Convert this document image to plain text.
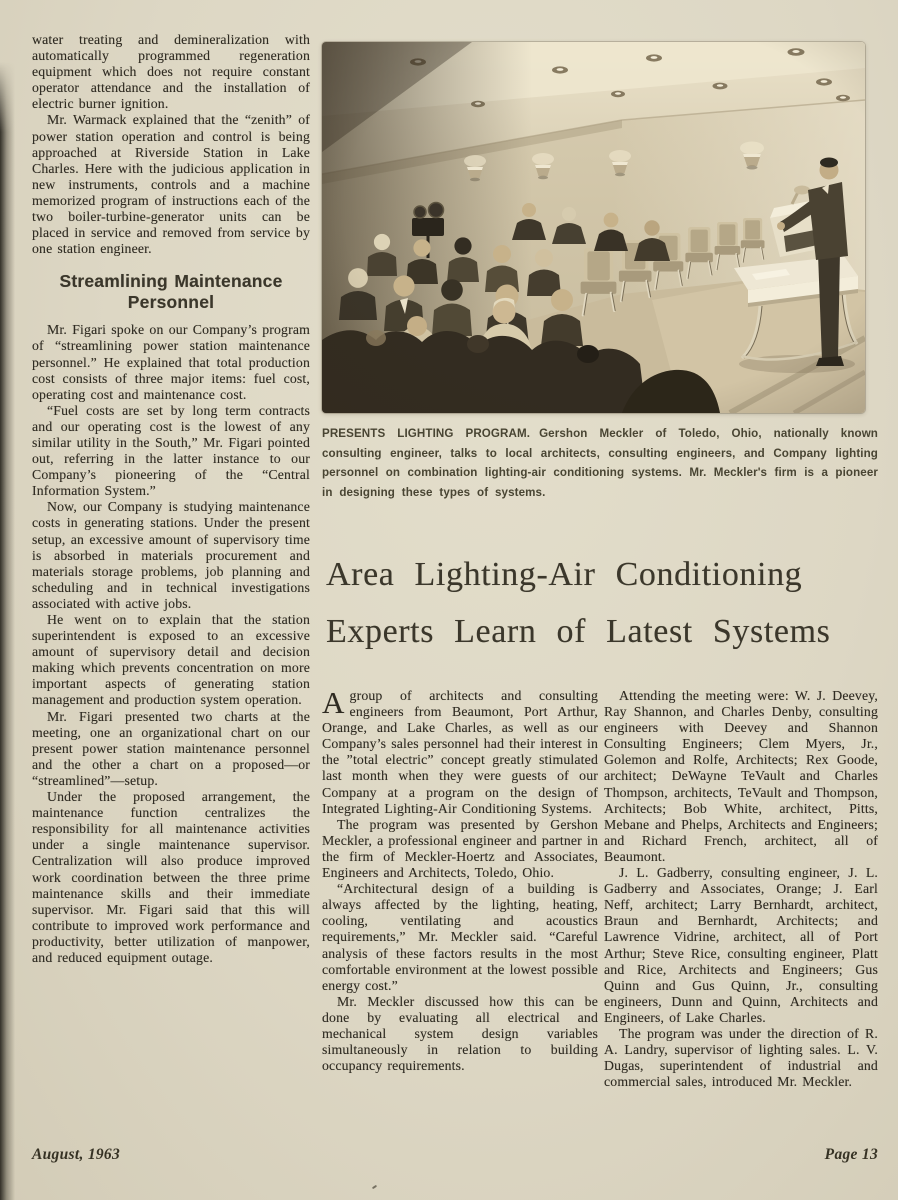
water treating and demineralization with automatically programmed regeneration equipment which does not require constant operator attendance and the installation of electric burner ignition.

Mr. Warmack explained that the “zenith” of power station operation and control is being approached at Riverside Station in Lake Charles. Here with the judicious application in new instruments, controls and a machine memorized program of instructions each of the two boiler-turbine-generator units can be placed in service and removed from service by one station engineer.

Streamlining Maintenance Personnel

Mr. Figari spoke on our Company’s program of “streamlining power station maintenance personnel.” He explained that total production cost consists of three major items: fuel cost, operating cost and maintenance cost.

“Fuel costs are set by long term contracts and our operating cost is the lowest of any similar utility in the South,” Mr. Figari pointed out, referring in the latter instance to our Company’s pioneering of the “Central Information System.”

Now, our Company is studying maintenance costs in generating stations. Under the present setup, an excessive amount of supervisory time is absorbed in materials procurement and materials storage problems, job planning and scheduling and in technical investigations associated with active jobs.

He went on to explain that the station superintendent is exposed to an excessive amount of supervisory detail and decision making which prevents concentration on more important aspects of generating station management and production system operation.

Mr. Figari presented two charts at the meeting, one an organizational chart on our present power station maintenance personnel and the other a chart on a proposed—or “streamlined”—setup.

Under the proposed arrangement, the maintenance function centralizes the responsibility for all maintenance activities under a single maintenance supervisor. Centralization will also produce improved work coordination between the three prime maintenance skills and their immediate supervisor. Mr. Figari said that this will contribute to improved work performance and productivity, better utilization of manpower, and reduced equipment outage.

PRESENTS LIGHTING PROGRAM. Gershon Meckler of Toledo, Ohio, nationally known consulting engineer, talks to local architects, consulting engineers, and Company lighting personnel on combination lighting-air conditioning systems. Mr. Meckler's firm is a pioneer in designing these types of systems.
Area Lighting-Air Conditioning
Experts Learn of Latest Systems

Agroup of architects and consulting engineers from Beaumont, Port Arthur, Orange, and Lake Charles, as well as our Company’s sales personnel had their interest in the ”total electric” concept greatly stimulated last month when they were guests of our Company at a program on the design of Integrated Lighting-Air Conditioning Systems.

The program was presented by Gershon Meckler, a professional engineer and partner in the firm of Meckler-Hoertz and Associates, Engineers and Architects, Toledo, Ohio.

“Architectural design of a building is always affected by the lighting, heating, cooling, ventilating and acoustics requirements,” Mr. Meckler said. “Careful analysis of these factors results in the most comfortable environment at the lowest possible energy cost.”

Mr. Meckler discussed how this can be done by evaluating all electrical and mechanical system design variables simultaneously in relation to building occupancy requirements.

Attending the meeting were: W. J. Deevey, Ray Shannon, and Charles Denby, consulting engineers with Deevey and Shannon Consulting Engineers; Clem Myers, Jr., Golemon and Rolfe, Architects; Rex Goode, architect; DeWayne TeVault and Charles Thompson, architects, TeVault and Thompson, Architects; Bob White, architect, Pitts, Mebane and Phelps, Architects and Engineers; and Richard French, architect, all of Beaumont.

J. L. Gadberry, consulting engineer, J. L. Gadberry and Associates, Orange; J. Earl Neff, architect; Larry Bernhardt, architect, Braun and Bernhardt, Architects; and Lawrence Vidrine, architect, all of Port Arthur; Steve Rice, consulting engineer, Platt and Rice, Architects and Engineers; Gus Quinn and Gus Quinn, Jr., consulting engineers, Dunn and Quinn, Architects and Engineers, of Lake Charles.

The program was under the direction of R. A. Landry, supervisor of lighting sales. L. V. Dugas, superintendent of industrial and commercial sales, introduced Mr. Meckler.

August, 1963	Page 13
